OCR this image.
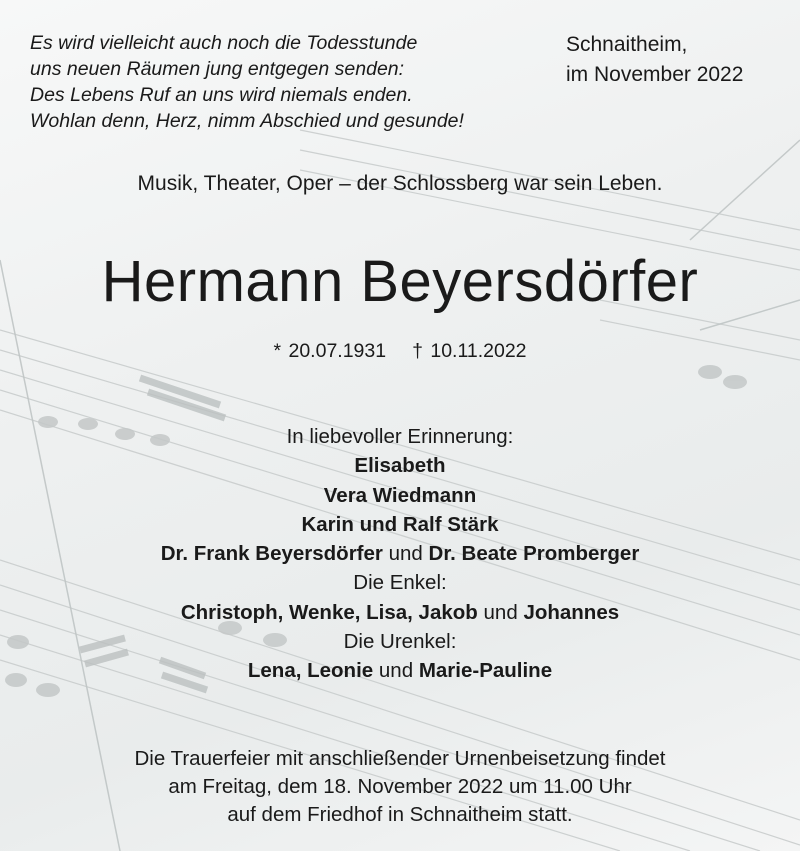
Es wird vielleicht auch noch die Todesstunde
uns neuen Räumen jung entgegen senden:
Des Lebens Ruf an uns wird niemals enden.
Wohlan denn, Herz, nimm Abschied und gesunde!
Schnaitheim,
im November 2022
Musik, Theater, Oper – der Schlossberg war sein Leben.
Hermann Beyersdörfer
* 20.07.1931 † 10.11.2022
In liebevoller Erinnerung:
Elisabeth
Vera Wiedmann
Karin und Ralf Stärk
Dr. Frank Beyersdörfer und Dr. Beate Promberger
Die Enkel:
Christoph, Wenke, Lisa, Jakob und Johannes
Die Urenkel:
Lena, Leonie und Marie-Pauline
Die Trauerfeier mit anschließender Urnenbeisetzung findet
am Freitag, dem 18. November 2022 um 11.00 Uhr
auf dem Friedhof in Schnaitheim statt.
